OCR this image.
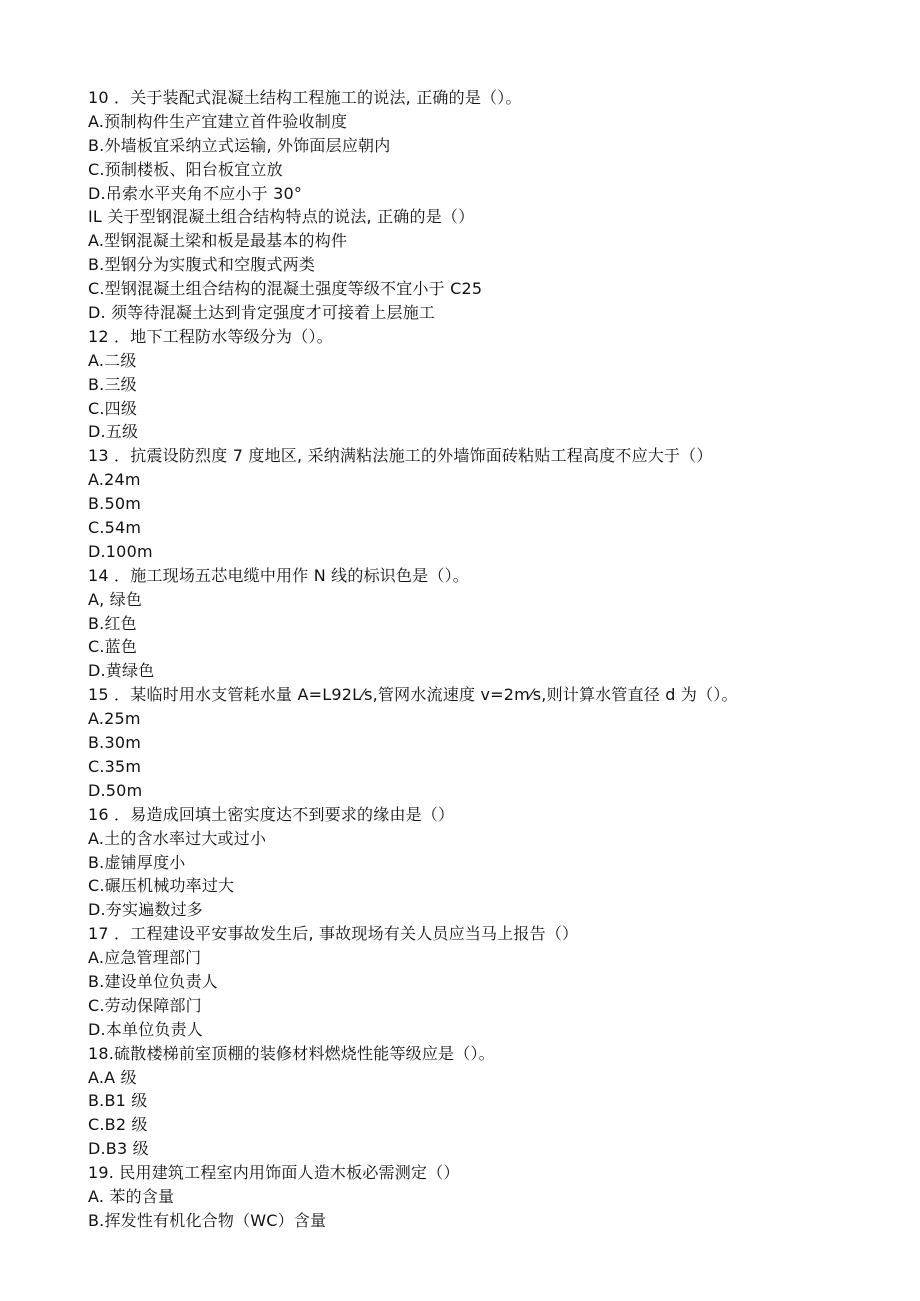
10 ．关于装配式混凝土结构工程施工的说法, 正确的是（）。
A.预制构件生产宜建立首件验收制度
B.外墙板宜采纳立式运输, 外饰面层应朝内
C.预制楼板、阳台板宜立放
D.吊索水平夹角不应小于 30°
IL 关于型钢混凝土组合结构特点的说法, 正确的是（）
A.型钢混凝土梁和板是最基本的构件
B.型钢分为实腹式和空腹式两类
C.型钢混凝土组合结构的混凝土强度等级不宜小于 C25
D. 须等待混凝土达到肯定强度才可接着上层施工
12 ．地下工程防水等级分为（）。
A.二级
B.三级
C.四级
D.五级
13 ．抗震设防烈度 7 度地区, 采纳满粘法施工的外墙饰面砖粘贴工程高度不应大于（）
A.24m
B.50m
C.54m
D.100m
14 ．施工现场五芯电缆中用作 N 线的标识色是（）。
A, 绿色
B.红色
C.蓝色
D.黄绿色
15 ．某临时用水支管耗水量 A=L92L⁄s,管网水流速度 v=2m⁄s,则计算水管直径 d 为（）。
A.25m
B.30m
C.35m
D.50m
16 ．易造成回填土密实度达不到要求的缘由是（）
A.土的含水率过大或过小
B.虚铺厚度小
C.碾压机械功率过大
D.夯实遍数过多
17 ．工程建设平安事故发生后, 事故现场有关人员应当马上报告（）
A.应急管理部门
B.建设单位负责人
C.劳动保障部门
D.本单位负责人
18.硫散楼梯前室顶棚的装修材料燃烧性能等级应是（）。
A.A 级
B.B1 级
C.B2 级
D.B3 级
19. 民用建筑工程室内用饰面人造木板必需测定（）
A. 苯的含量
B.挥发性有机化合物（WC）含量
